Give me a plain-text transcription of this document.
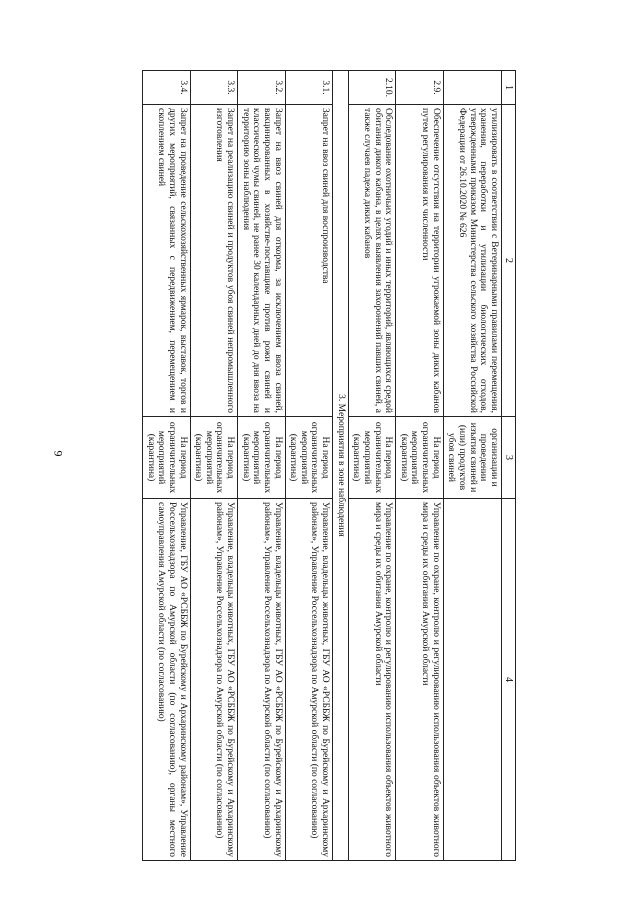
9
1	2	3	4
	утилизировать в соответствии с Ветеринарными правилами перемещения, хранения, переработки и утилизации биологических отходов, утвержденными приказом Министерства сельского хозяйства Российской Федерации от 26.10.2020 № 626	организации и проведении изъятия свиней и (или) продуктов убоя свиней	
2.9.	Обеспечение отсутствия на территории угрожаемой зоны диких кабанов путем регулирования их численности	На период ограничительных мероприятий (карантина)	Управление по охране, контролю и регулированию использования объектов животного мира и среды их обитания Амурской области
2.10.	Обследование охотничьих угодий и иных территорий, являющихся средой обитания дикого кабана, в целях выявления захоронений павших свиней, а также случаев падежа диких кабанов	На период ограничительных мероприятий (карантина)	Управление по охране, контролю и регулированию использования объектов животного мира и среды их обитания Амурской области
3. Мероприятия в зоне наблюдения			
3.1.	Запрет на ввоз свиней для воспроизводства	На период ограничительных мероприятий (карантина)	Управление, владельцы животных, ГБУ АО «РСББЖ по Бурейскому и Архаринскому районам», Управление Россельхознадзора по Амурской области (по согласованию)
3.2.	Запрет на ввоз свиней для откорма, за исключением ввоза свиней, вакцинированных в хозяйстве-поставщике против рожи свиней и классической чумы свиней, не ранее 30 календарных дней до дня ввоза на территорию зоны наблюдения	На период ограничительных мероприятий (карантина)	Управление, владельцы животных, ГБУ АО «РСББЖ по Бурейскому и Архаринскому районам», Управление Россельхознадзора по Амурской области (по согласованию)
3.3.	Запрет на реализацию свиней и продуктов убоя свиней непромышленного изготовления	На период ограничительных мероприятий (карантина)	Управление, владельцы животных, ГБУ АО «РСББЖ по Бурейскому и Архаринскому районам», Управление Россельхознадзора по Амурской области (по согласованию)
3.4.	Запрет на проведение сельскохозяйственных ярмарок, выставок, торгов и других мероприятий, связанных с передвижением, перемещением и скоплением свиней	На период ограничительных мероприятий (карантина)	Управление, ГБУ АО «РСББЖ по Бурейскому и Архаринскому районам», Управление Россельхознадзора по Амурской области (по согласованию), органы местного самоуправления Амурской области (по согласованию)
